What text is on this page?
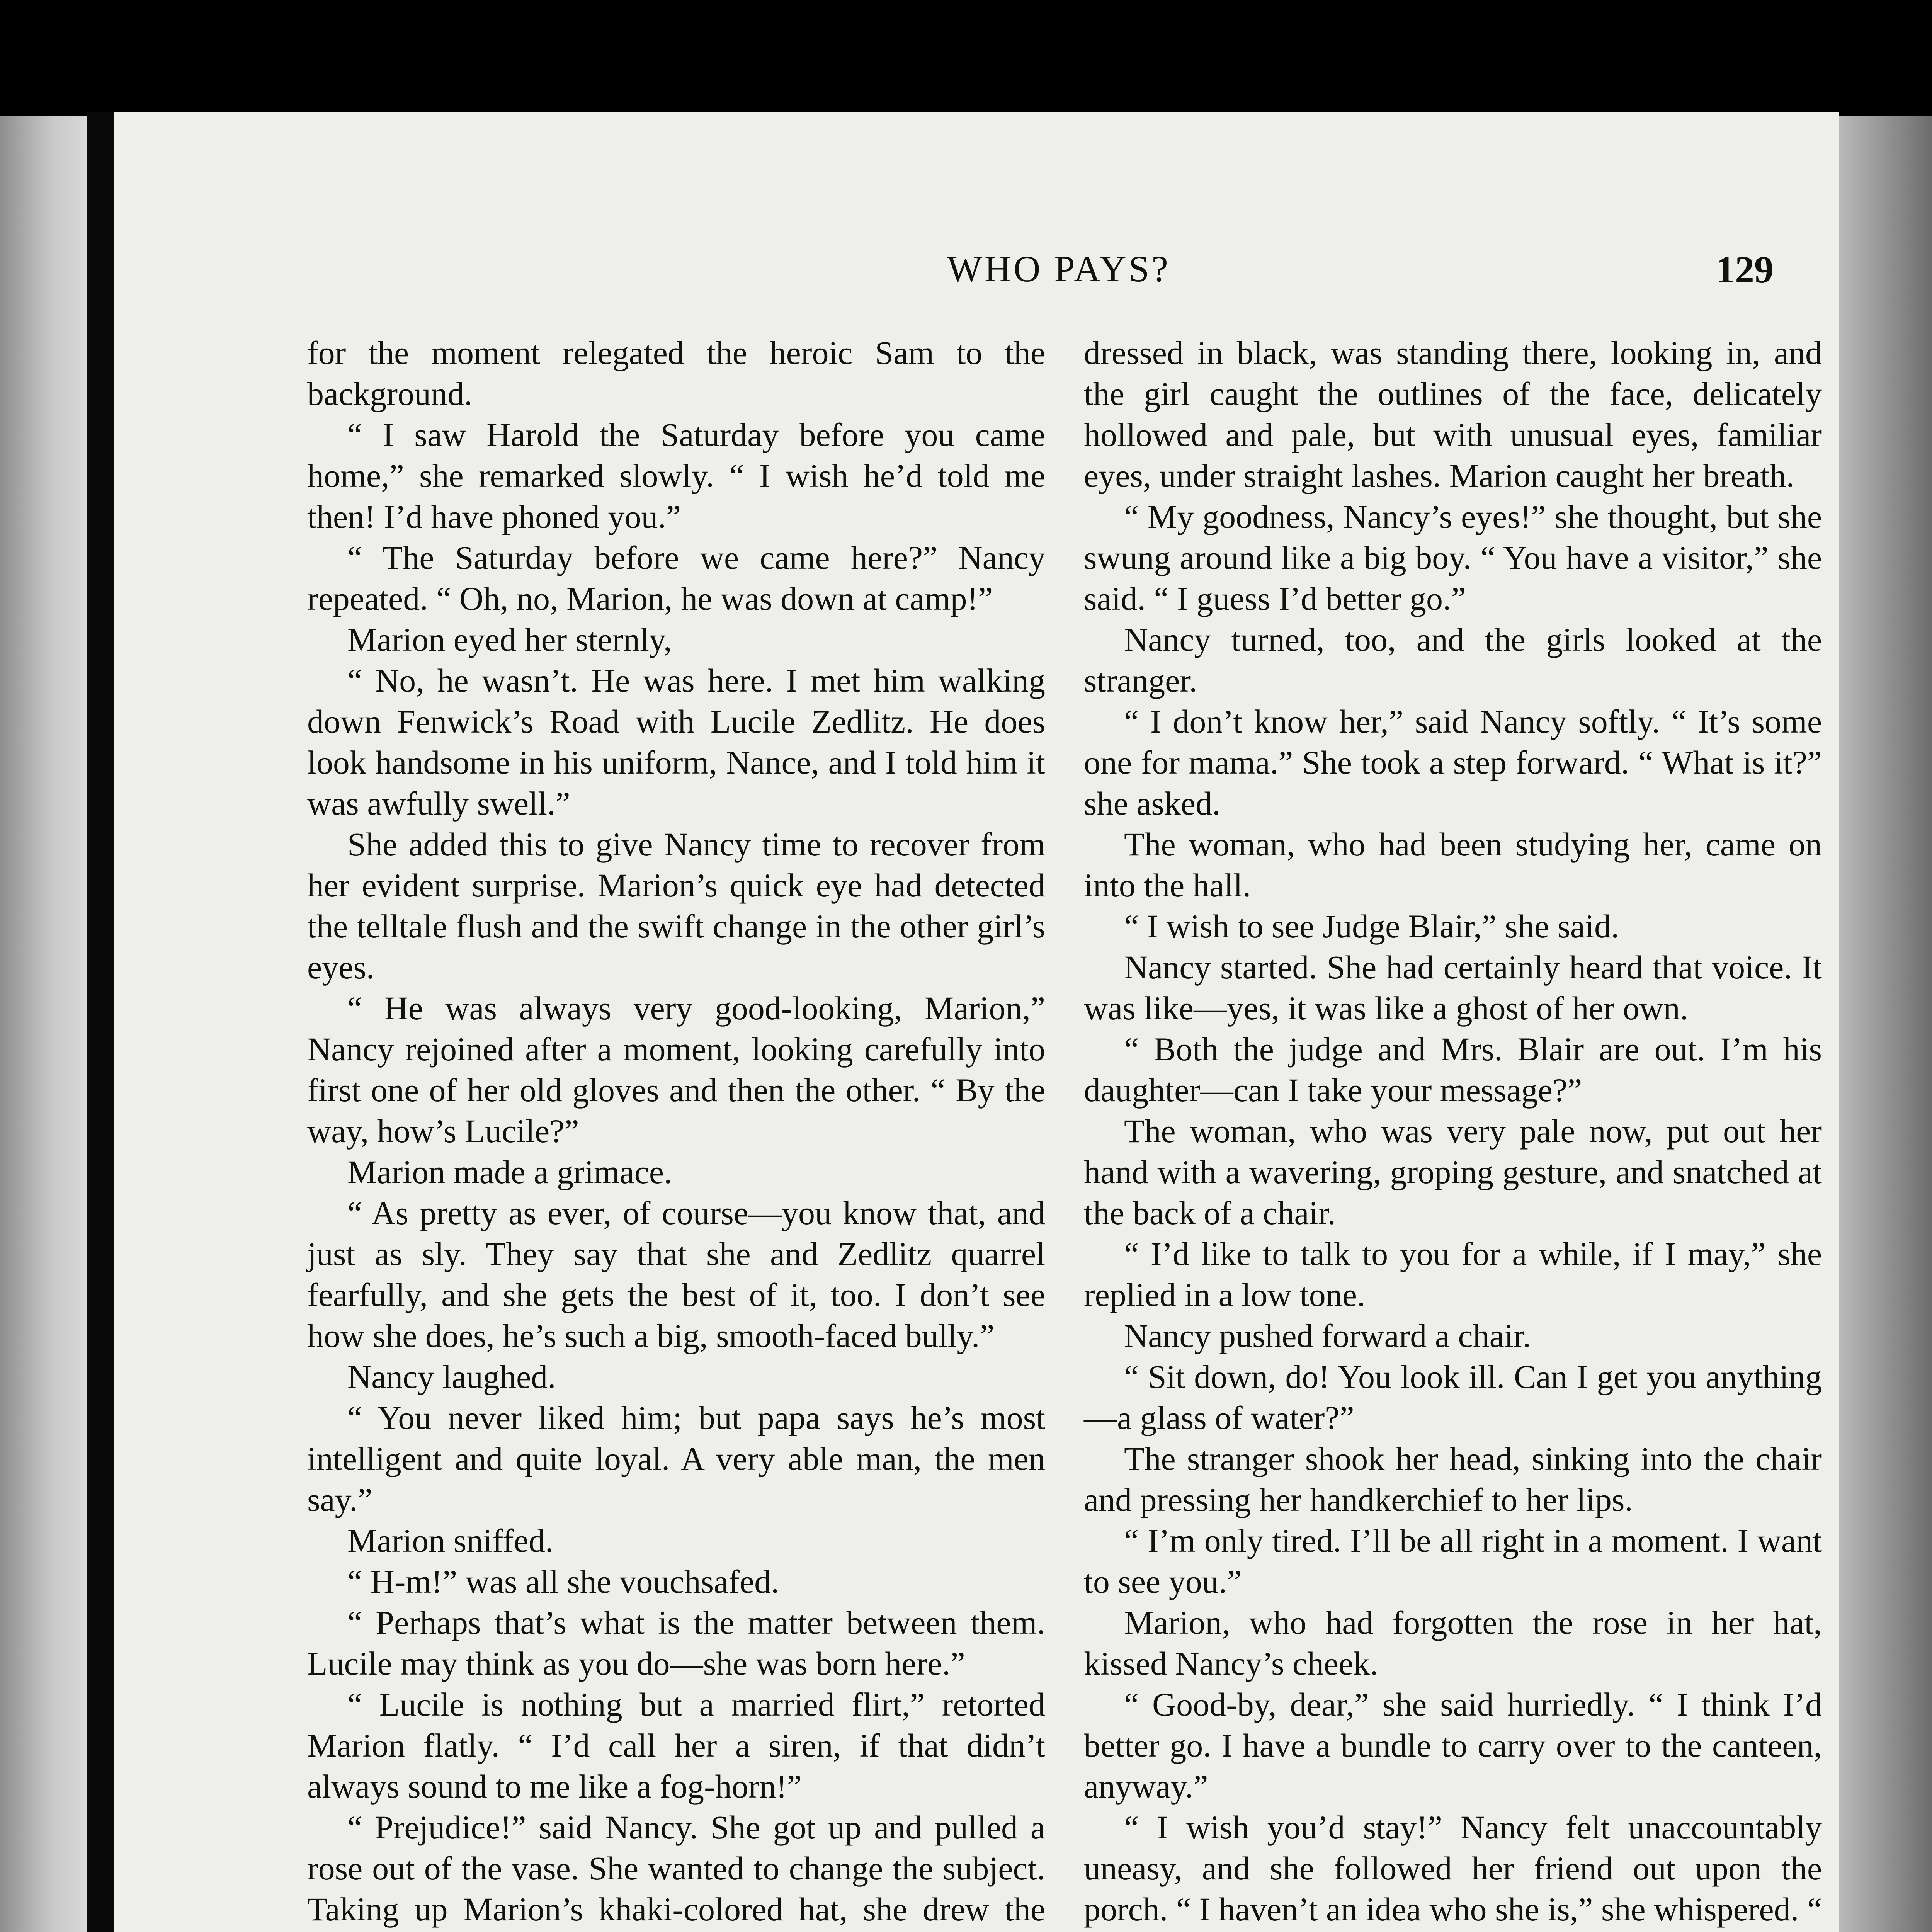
WHO PAYS?	129

for the moment relegated the heroic Sam to the background.

“ I saw Harold the Saturday before you came home,” she remarked slowly. “ I wish he’d told me then! I’d have phoned you.”

“ The Saturday before we came here?” Nancy repeated. “ Oh, no, Marion, he was down at camp!”

Marion eyed her sternly,

“ No, he wasn’t. He was here. I met him walking down Fenwick’s Road with Lucile Zedlitz. He does look handsome in his uniform, Nance, and I told him it was awfully swell.”

She added this to give Nancy time to recover from her evident surprise. Marion’s quick eye had detected the telltale flush and the swift change in the other girl’s eyes.

“ He was always very good-looking, Marion,” Nancy rejoined after a moment, looking carefully into first one of her old gloves and then the other. “ By the way, how’s Lucile?”

Marion made a grimace.

“ As pretty as ever, of course—you know that, and just as sly. They say that she and Zedlitz quarrel fearfully, and she gets the best of it, too. I don’t see how she does, he’s such a big, smooth-faced bully.”

Nancy laughed.

“ You never liked him; but papa says he’s most intelligent and quite loyal. A very able man, the men say.”

Marion sniffed.

“ H-m!” was all she vouchsafed.

“ Perhaps that’s what is the matter between them. Lucile may think as you do—she was born here.”

“ Lucile is nothing but a married flirt,” retorted Marion flatly. “ I’d call her a siren, if that didn’t always sound to me like a fog-horn!”

“ Prejudice!” said Nancy. She got up and pulled a rose out of the vase. She wanted to change the subject. Taking up Marion’s khaki-colored hat, she drew the

dressed in black, was standing there, looking in, and the girl caught the outlines of the face, delicately hollowed and pale, but with unusual eyes, familiar eyes, under straight lashes. Marion caught her breath.

“ My goodness, Nancy’s eyes!” she thought, but she swung around like a big boy. “ You have a visitor,” she said. “ I guess I’d better go.”

Nancy turned, too, and the girls looked at the stranger.

“ I don’t know her,” said Nancy softly. “ It’s some one for mama.” She took a step forward. “ What is it?” she asked.

The woman, who had been studying her, came on into the hall.

“ I wish to see Judge Blair,” she said.

Nancy started. She had certainly heard that voice. It was like—yes, it was like a ghost of her own.

“ Both the judge and Mrs. Blair are out. I’m his daughter—can I take your message?”

The woman, who was very pale now, put out her hand with a wavering, groping gesture, and snatched at the back of a chair.

“ I’d like to talk to you for a while, if I may,” she replied in a low tone.

Nancy pushed forward a chair.

“ Sit down, do! You look ill. Can I get you anything—a glass of water?”

The stranger shook her head, sinking into the chair and pressing her handkerchief to her lips.

“ I’m only tired. I’ll be all right in a moment. I want to see you.”

Marion, who had forgotten the rose in her hat, kissed Nancy’s cheek.

“ Good-by, dear,” she said hurriedly. “ I think I’d better go. I have a bundle to carry over to the canteen, anyway.”

“ I wish you’d stay!” Nancy felt unaccountably uneasy, and she followed her friend out upon the porch. “ I haven’t an idea who she is,” she whispered. “
